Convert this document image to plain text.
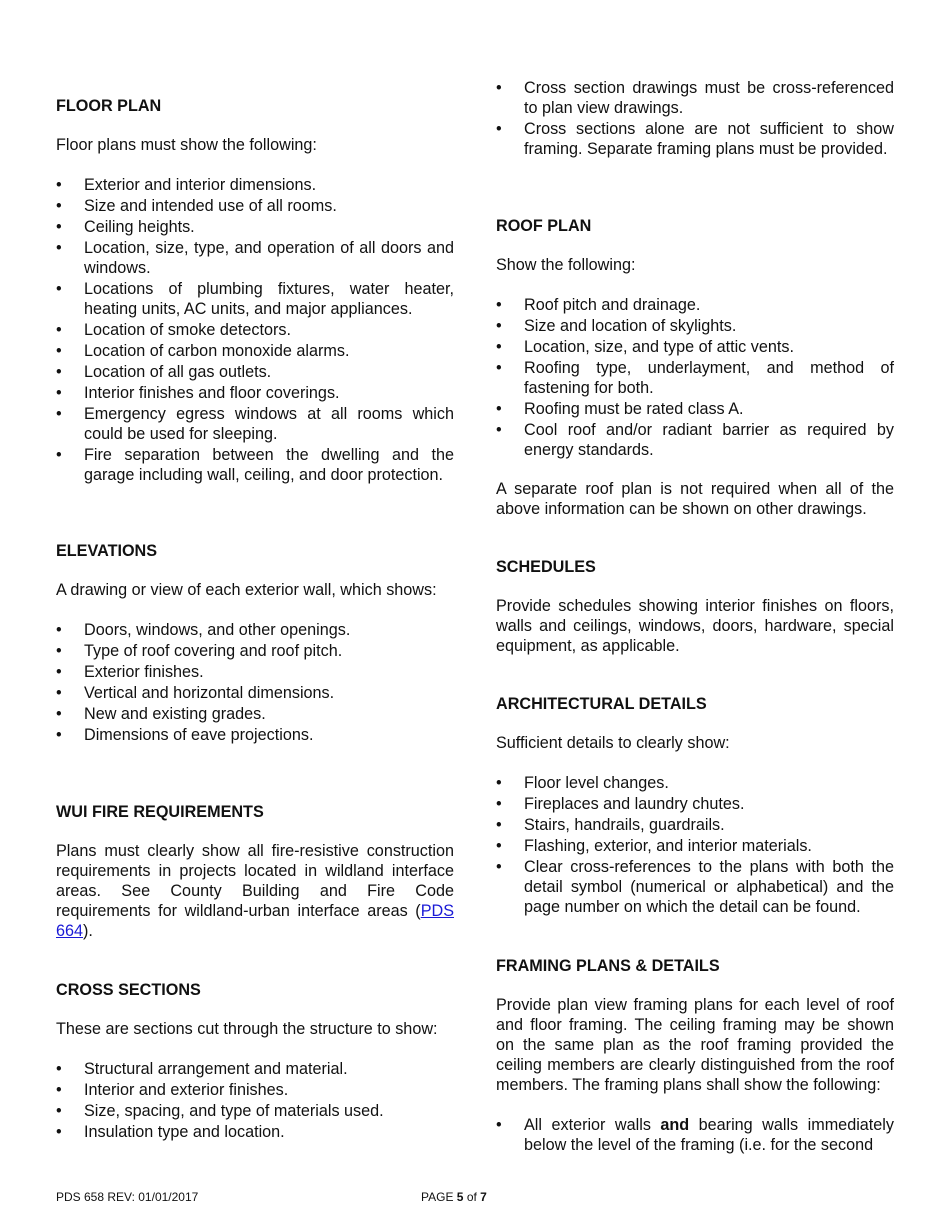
FLOOR PLAN

Floor plans must show the following:

• Exterior and interior dimensions.
• Size and intended use of all rooms.
• Ceiling heights.
• Location, size, type, and operation of all doors and windows.
• Locations of plumbing fixtures, water heater, heating units, AC units, and major appliances.
• Location of smoke detectors.
• Location of carbon monoxide alarms.
• Location of all gas outlets.
• Interior finishes and floor coverings.
• Emergency egress windows at all rooms which could be used for sleeping.
• Fire separation between the dwelling and the garage including wall, ceiling, and door protection.
ELEVATIONS

A drawing or view of each exterior wall, which shows:

• Doors, windows, and other openings.
• Type of roof covering and roof pitch.
• Exterior finishes.
• Vertical and horizontal dimensions.
• New and existing grades.
• Dimensions of eave projections.
WUI FIRE REQUIREMENTS

Plans must clearly show all fire-resistive construction requirements in projects located in wildland interface areas. See County Building and Fire Code requirements for wildland-urban interface areas (PDS 664).

CROSS SECTIONS

These are sections cut through the structure to show:

• Structural arrangement and material.
• Interior and exterior finishes.
• Size, spacing, and type of materials used.
• Insulation type and location.
• Cross section drawings must be cross-referenced to plan view drawings.
• Cross sections alone are not sufficient to show framing. Separate framing plans must be provided.
ROOF PLAN

Show the following:

• Roof pitch and drainage.
• Size and location of skylights.
• Location, size, and type of attic vents.
• Roofing type, underlayment, and method of fastening for both.
• Roofing must be rated class A.
• Cool roof and/or radiant barrier as required by energy standards.

A separate roof plan is not required when all of the above information can be shown on other drawings.

SCHEDULES

Provide schedules showing interior finishes on floors, walls and ceilings, windows, doors, hardware, special equipment, as applicable.

ARCHITECTURAL DETAILS

Sufficient details to clearly show:

• Floor level changes.
• Fireplaces and laundry chutes.
• Stairs, handrails, guardrails.
• Flashing, exterior, and interior materials.
• Clear cross-references to the plans with both the detail symbol (numerical or alphabetical) and the page number on which the detail can be found.
FRAMING PLANS & DETAILS

Provide plan view framing plans for each level of roof and floor framing. The ceiling framing may be shown on the same plan as the roof framing provided the ceiling members are clearly distinguished from the roof members. The framing plans shall show the following:

• All exterior walls and bearing walls immediately below the level of the framing (i.e. for the second
PDS 658 REV: 01/01/2017	PAGE 5 of 7
